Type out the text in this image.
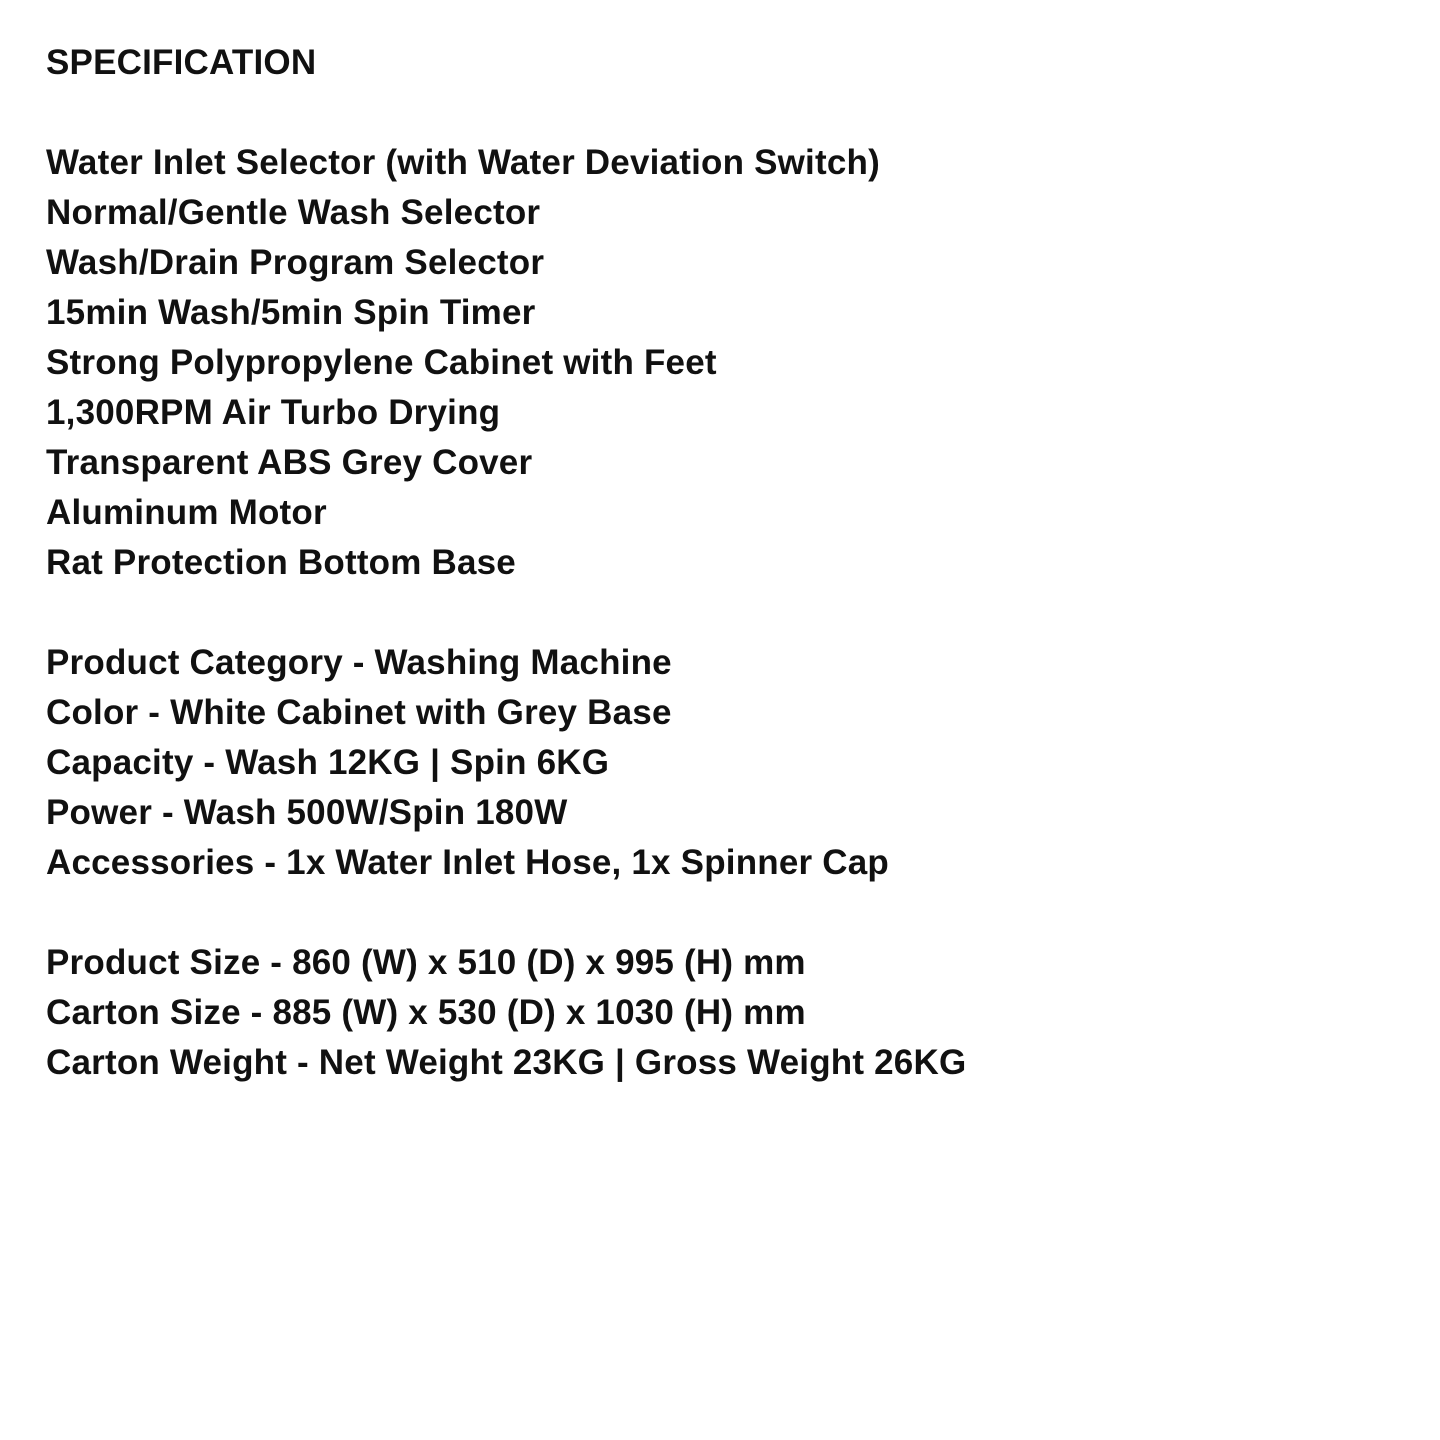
SPECIFICATION
Water Inlet Selector (with Water Deviation Switch)
Normal/Gentle Wash Selector
Wash/Drain Program Selector
15min Wash/5min Spin Timer
Strong Polypropylene Cabinet with Feet
1,300RPM Air Turbo Drying
Transparent ABS Grey Cover
Aluminum Motor
Rat Protection Bottom Base
Product Category - Washing Machine
Color - White Cabinet with Grey Base
Capacity - Wash 12KG | Spin 6KG
Power - Wash 500W/Spin 180W
Accessories - 1x Water Inlet Hose, 1x Spinner Cap
Product Size - 860 (W) x 510 (D) x 995 (H) mm
Carton Size - 885 (W) x 530 (D) x 1030 (H) mm
Carton Weight - Net Weight 23KG | Gross Weight 26KG
